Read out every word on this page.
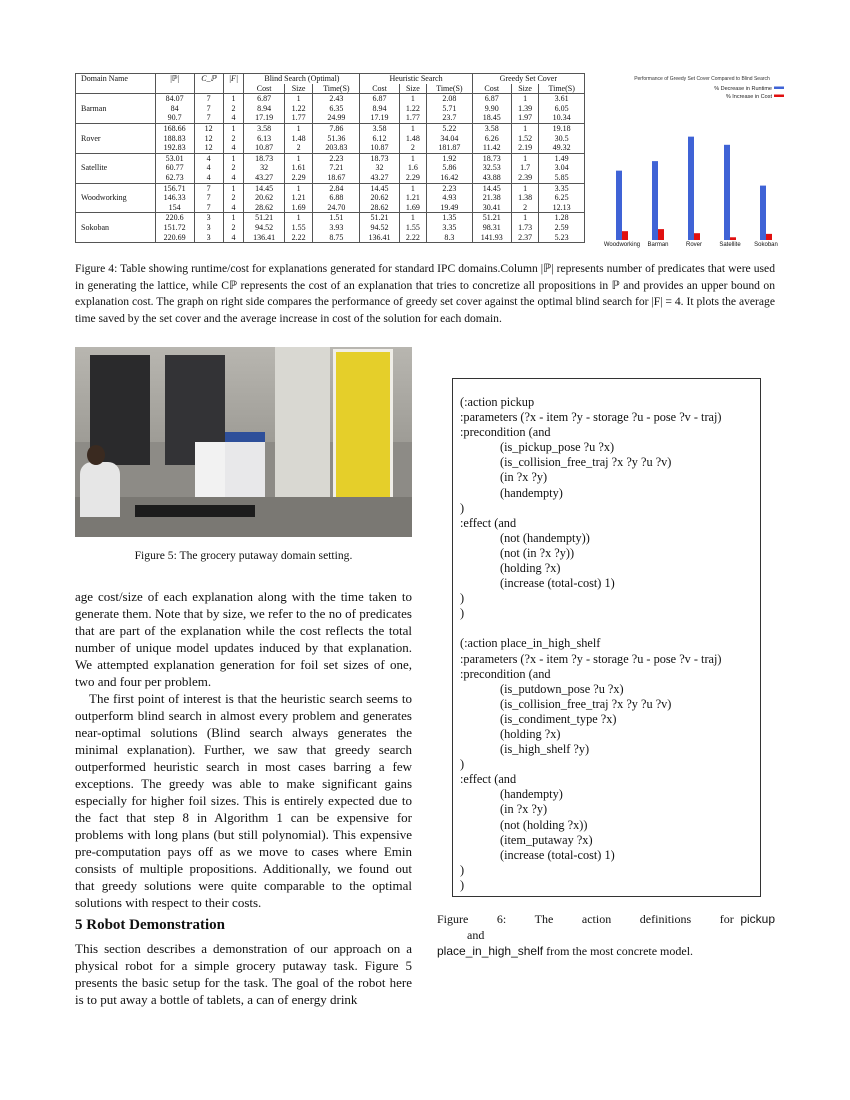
Domain Name	|ℙ|	C_ℙ	|F|	Blind Search (Optimal)			Heuristic Search			Greedy Set Cover		
				Cost	Size	Time(S)	Cost	Size	Time(S)	Cost	Size	Time(S)
Barman	84.07	7	1	6.87	1	2.43	6.87	1	2.08	6.87	1	3.61
	84	7	2	8.94	1.22	6.35	8.94	1.22	5.71	9.90	1.39	6.05
	90.7	7	4	17.19	1.77	24.99	17.19	1.77	23.7	18.45	1.97	10.34
Rover	168.66	12	1	3.58	1	7.86	3.58	1	5.22	3.58	1	19.18
	188.83	12	2	6.13	1.48	51.36	6.12	1.48	34.04	6.26	1.52	30.5
	192.83	12	4	10.87	2	203.83	10.87	2	181.87	11.42	2.19	49.32
Satellite	53.01	4	1	18.73	1	2.23	18.73	1	1.92	18.73	1	1.49
	60.77	4	2	32	1.61	7.21	32	1.6	5.86	32.53	1.7	3.04
	62.73	4	4	43.27	2.29	18.67	43.27	2.29	16.42	43.88	2.39	5.85
Woodworking	156.71	7	1	14.45	1	2.84	14.45	1	2.23	14.45	1	3.35
	146.33	7	2	20.62	1.21	6.88	20.62	1.21	4.93	21.38	1.38	6.25
	154	7	4	28.62	1.69	24.70	28.62	1.69	19.49	30.41	2	12.13
Sokoban	220.6	3	1	51.21	1	1.51	51.21	1	1.35	51.21	1	1.28
	151.72	3	2	94.52	1.55	3.93	94.52	1.55	3.35	98.31	1.73	2.59
	220.69	3	4	136.41	2.22	8.75	136.41	2.22	8.3	141.93	2.37	5.23
Performance of Greedy Set Cover Compared to Blind Search
% Decrease in Runtime
% Increase in Cost
Woodworking Barman	Rover	Satellite Sokoban
Figure 4: Table showing runtime/cost for explanations generated for standard IPC domains.Column |ℙ| represents number of predicates that were used in generating the lattice, while Cℙ represents the cost of an explanation that tries to concretize all propositions in ℙ and provides an upper bound on explanation cost. The graph on right side compares the performance of greedy set cover against the optimal blind search for |F| = 4. It plots the average time saved by the set cover and the average increase in cost of the solution for each domain.
Figure 5: The grocery putaway domain setting.
age cost/size of each explanation along with the time taken to generate them. Note that by size, we refer to the no of predicates that are part of the explanation while the cost reflects the total number of unique model updates induced by that explanation. We attempted explanation generation for foil set sizes of one, two and four per problem.
The first point of interest is that the heuristic search seems to outperform blind search in almost every problem and generates near-optimal solutions (Blind search always generates the minimal explanation). Further, we saw that greedy search outperformed heuristic search in most cases barring a few exceptions. The greedy was able to make significant gains especially for higher foil sizes. This is entirely expected due to the fact that step 8 in Algorithm 1 can be expensive for problems with long plans (but still polynomial). This expensive pre-computation pays off as we move to cases where Emin consists of multiple propositions. Additionally, we found out that greedy solutions were quite comparable to the optimal solutions with respect to their costs.
5 Robot Demonstration
This section describes a demonstration of our approach on a physical robot for a simple grocery putaway task. Figure 5 presents the basic setup for the task. The goal of the robot here is to put away a bottle of tablets, a can of energy drink
(:action pickup
:parameters (?x - item ?y - storage ?u - pose ?v - traj)
:precondition (and
(is_pickup_pose ?u ?x)
(is_collision_free_traj ?x ?y ?u ?v)
(in ?x ?y)
(handempty)
)
:effect (and
(not (handempty))
(not (in ?x ?y))
(holding ?x)
(increase (total-cost) 1)
)
)
(:action place_in_high_shelf
:parameters (?x - item ?y - storage ?u - pose ?v - traj)
:precondition (and
(is_putdown_pose ?u ?x)
(is_collision_free_traj ?x ?y ?u ?v)
(is_condiment_type ?x)
(holding ?x)
(is_high_shelf ?y)
)
:effect (and
(handempty)
(in ?x ?y)
(not (holding ?x))
(item_putaway ?x)
(increase (total-cost) 1)
)
)
Figure 6: The action definitions for pickup and
place_in_high_shelf from the most concrete model.
